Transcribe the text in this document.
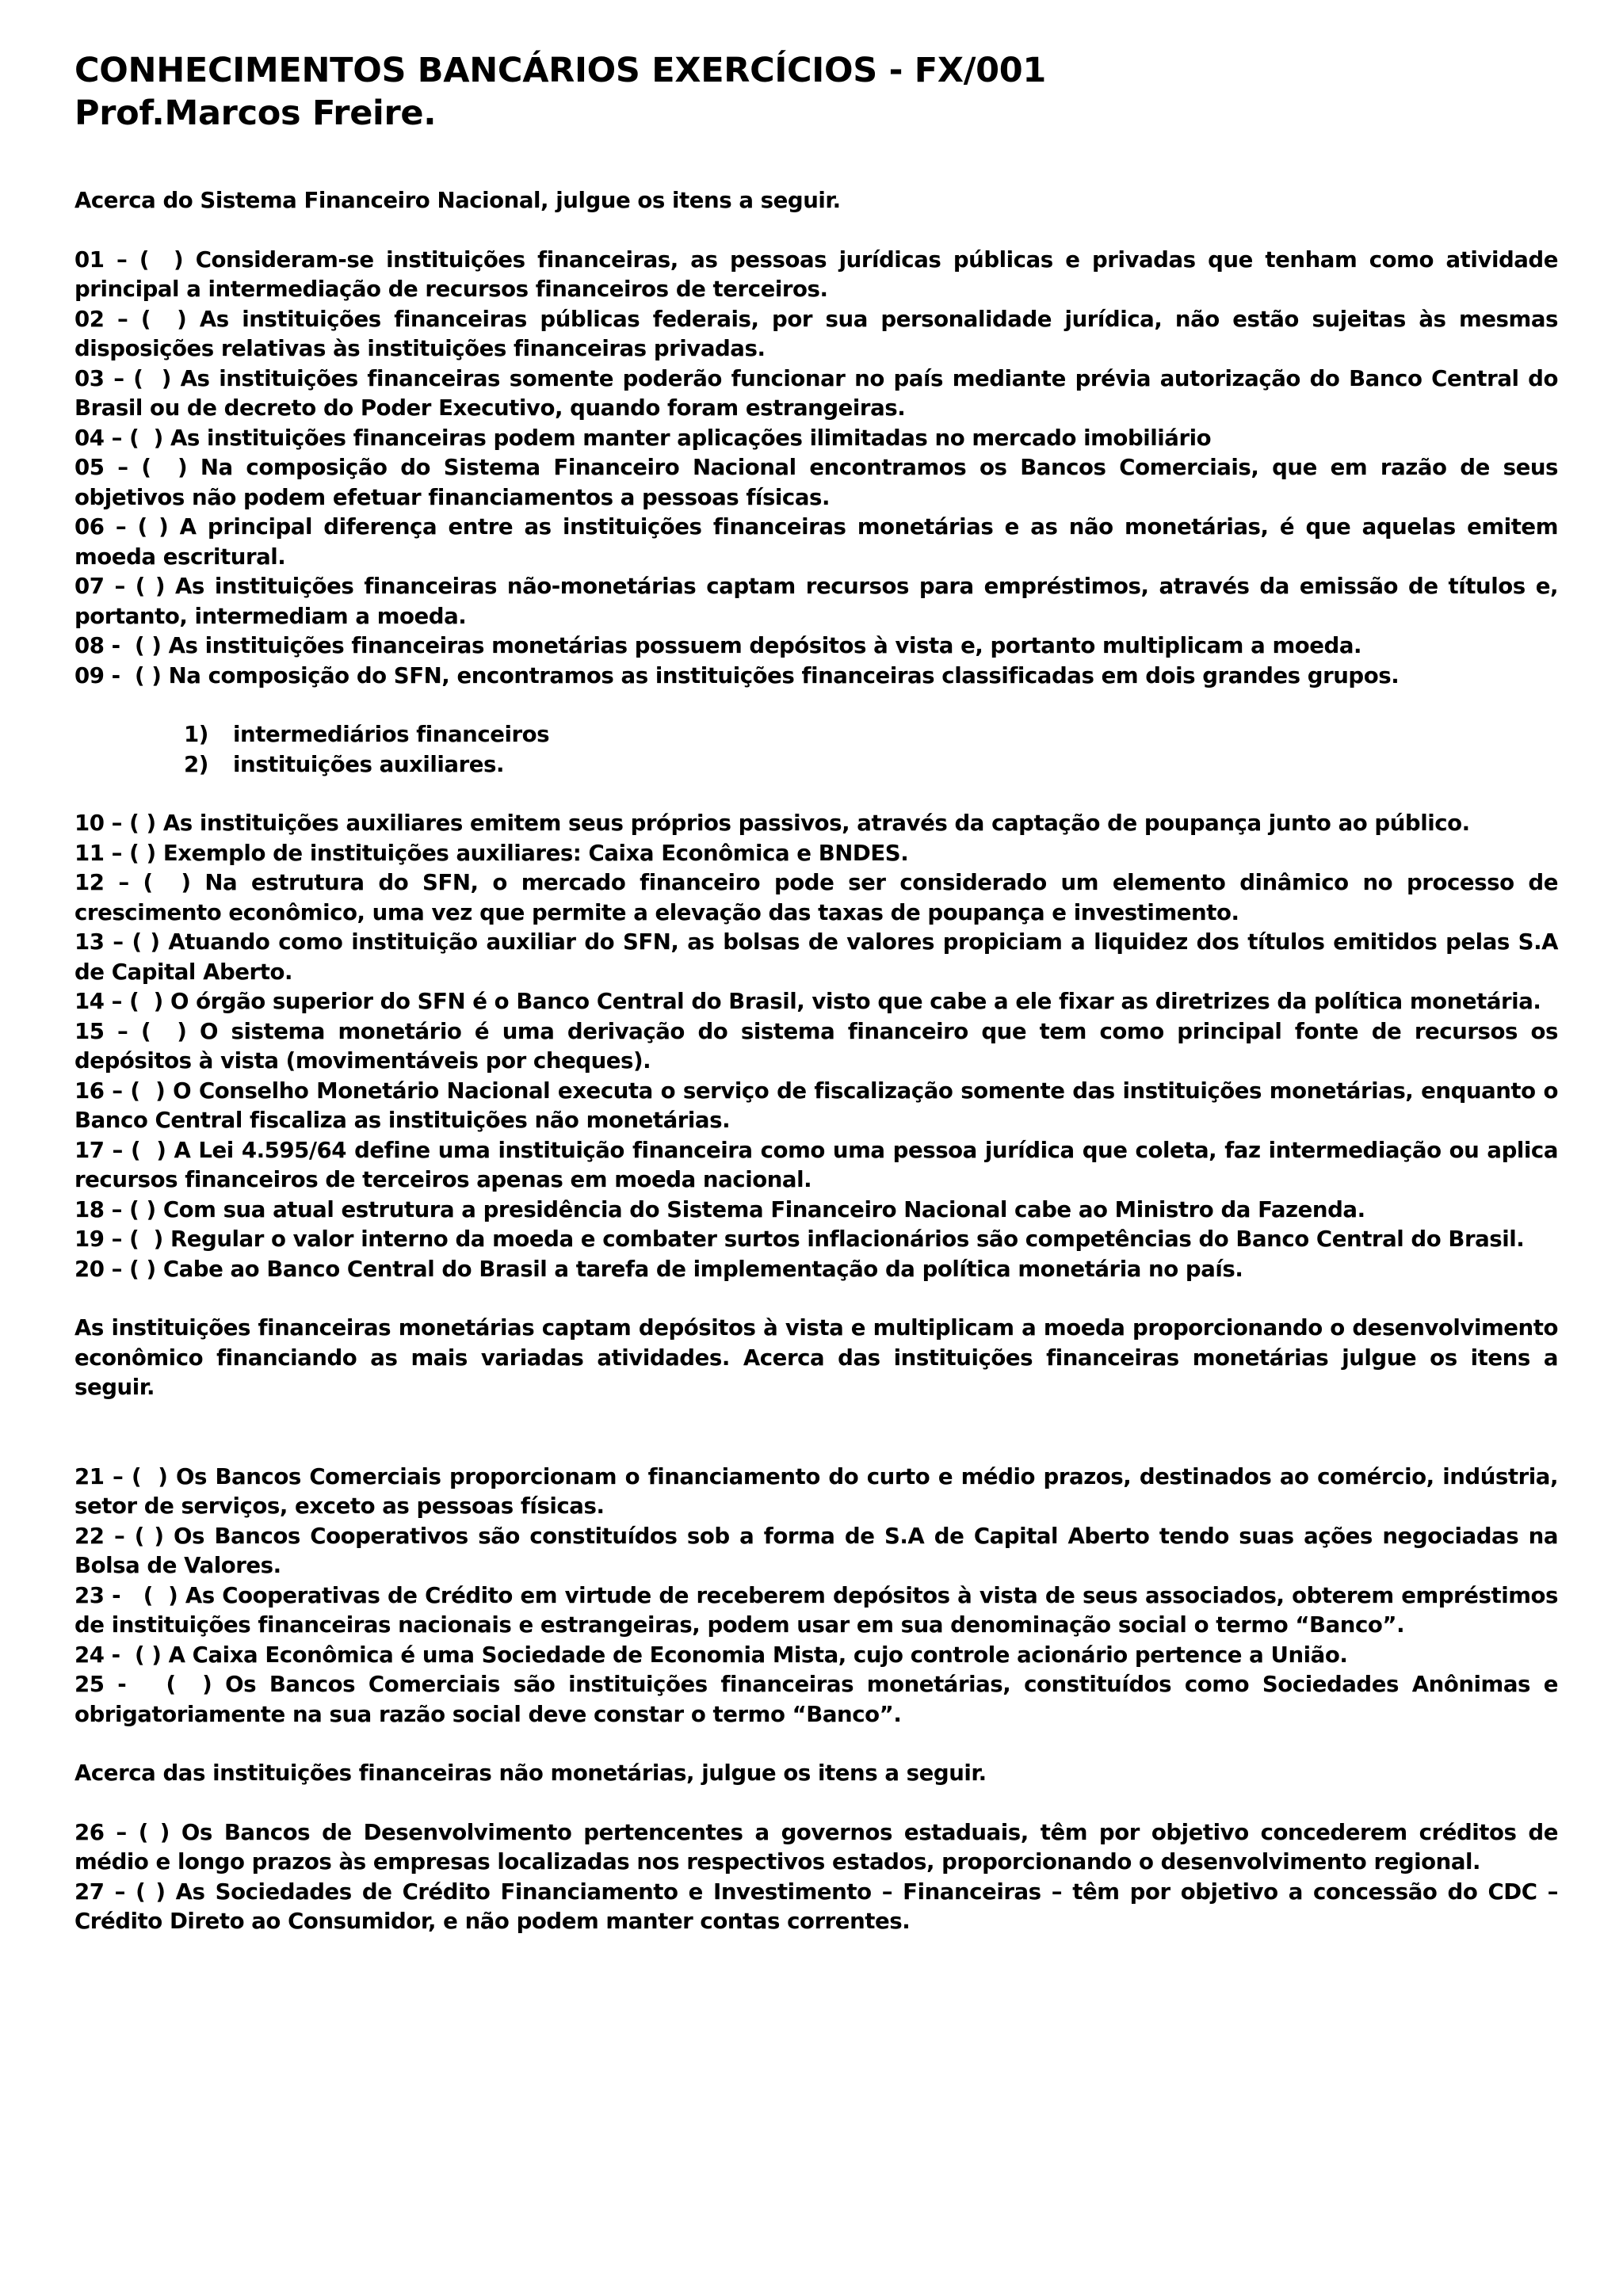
CONHECIMENTOS BANCÁRIOS EXERCÍCIOS - FX/001
Prof.Marcos Freire.

Acerca do Sistema Financeiro Nacional, julgue os itens a seguir.

01 – (  ) Consideram-se instituições financeiras, as pessoas jurídicas públicas e privadas que tenham como atividade principal a intermediação de recursos financeiros de terceiros.

02 – (  ) As instituições financeiras públicas federais, por sua personalidade jurídica, não estão sujeitas às mesmas disposições relativas às instituições financeiras privadas.

03 – (  ) As instituições financeiras somente poderão funcionar no país mediante prévia autorização do Banco Central do Brasil ou de decreto do Poder Executivo, quando foram estrangeiras.

04 – (  ) As instituições financeiras podem manter aplicações ilimitadas no mercado imobiliário

05 – (  ) Na composição do Sistema Financeiro Nacional encontramos os Bancos Comerciais, que em razão de seus objetivos não podem efetuar financiamentos a pessoas físicas.

06 – ( ) A principal diferença entre as instituições financeiras monetárias e as não monetárias, é que aquelas emitem moeda escritural.

07 – ( ) As instituições financeiras não-monetárias captam recursos para empréstimos, através da emissão de títulos e, portanto, intermediam a moeda.

08 -  ( ) As instituições financeiras monetárias possuem depósitos à vista e, portanto multiplicam a moeda.

09 -  ( ) Na composição do SFN, encontramos as instituições financeiras classificadas em dois grandes grupos.

1)	intermediários financeiros
2)	instituições auxiliares.

10 – ( ) As instituições auxiliares emitem seus próprios passivos, através da captação de poupança junto ao público.

11 – ( ) Exemplo de instituições auxiliares: Caixa Econômica e BNDES.

12 – (  ) Na estrutura do SFN, o mercado financeiro pode ser considerado um elemento dinâmico no processo de crescimento econômico, uma vez que permite a elevação das taxas de poupança e investimento.

13 – ( ) Atuando como instituição auxiliar do SFN, as bolsas de valores propiciam a liquidez dos títulos emitidos pelas S.A de Capital Aberto.

14 – (  ) O órgão superior do SFN é o Banco Central do Brasil, visto que cabe a ele fixar as diretrizes da política monetária.

15 – (  ) O sistema monetário é uma derivação do sistema financeiro que tem como principal fonte de recursos os depósitos à vista (movimentáveis por cheques).

16 – (  ) O Conselho Monetário Nacional executa o serviço de fiscalização somente das instituições monetárias, enquanto o Banco Central fiscaliza as instituições não monetárias.

17 – (  ) A Lei 4.595/64 define uma instituição financeira como uma pessoa jurídica que coleta, faz intermediação ou aplica recursos financeiros de terceiros apenas em moeda nacional.

18 – ( ) Com sua atual estrutura a presidência do Sistema Financeiro Nacional cabe ao Ministro da Fazenda.

19 – (  ) Regular o valor interno da moeda e combater surtos inflacionários são competências do Banco Central do Brasil.

20 – ( ) Cabe ao Banco Central do Brasil a tarefa de implementação da política monetária no país.

As instituições financeiras monetárias captam depósitos à vista e multiplicam a moeda proporcionando o desenvolvimento econômico financiando as mais variadas atividades. Acerca das instituições financeiras monetárias julgue os itens a seguir.

21 – (  ) Os Bancos Comerciais proporcionam o financiamento do curto e médio prazos, destinados ao comércio, indústria, setor de serviços, exceto as pessoas físicas.

22 – ( ) Os Bancos Cooperativos são constituídos sob a forma de S.A de Capital Aberto tendo suas ações negociadas na Bolsa de Valores.

23 -   (  ) As Cooperativas de Crédito em virtude de receberem depósitos à vista de seus associados, obterem empréstimos de instituições financeiras nacionais e estrangeiras, podem usar em sua denominação social o termo “Banco”.

24 -  ( ) A Caixa Econômica é uma Sociedade de Economia Mista, cujo controle acionário pertence a União.

25 -   (  ) Os Bancos Comerciais são instituições financeiras monetárias, constituídos como Sociedades Anônimas e obrigatoriamente na sua razão social deve constar o termo “Banco”.

Acerca das instituições financeiras não monetárias, julgue os itens a seguir.

26 – ( ) Os Bancos de Desenvolvimento pertencentes a governos estaduais, têm por objetivo concederem créditos de médio e longo prazos às empresas localizadas nos respectivos estados, proporcionando o desenvolvimento regional.

27 – ( ) As Sociedades de Crédito Financiamento e Investimento – Financeiras – têm por objetivo a concessão do CDC – Crédito Direto ao Consumidor, e não podem manter contas correntes.
